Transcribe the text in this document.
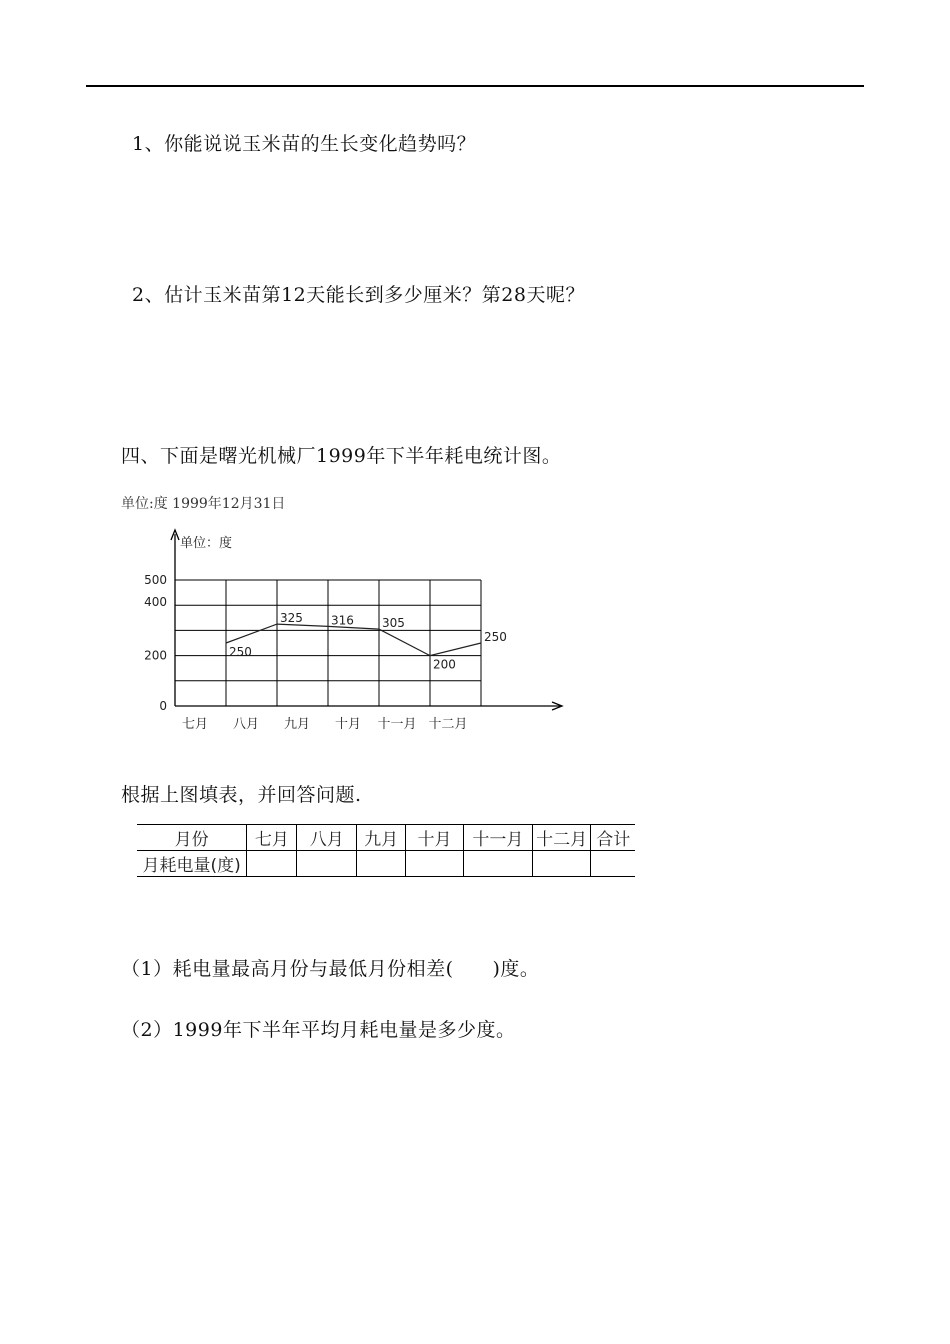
1、你能说说玉米苗的生长变化趋势吗？
2、估计玉米苗第12天能长到多少厘米？第28天呢？
四、下面是曙光机械厂1999年下半年耗电统计图。
单位:度 1999年12月31日
单位：度
0
200
400
500
七月 八月 九月 十月 十一月 十二月
250
325 316 305
200
250
根据上图填表，并回答问题.
月份	七月	八月	九月	十月	十一月	十二月	合计
月耗电量(度)							
（1）耗电量最高月份与最低月份相差(　　)度。
（2）1999年下半年平均月耗电量是多少度。
